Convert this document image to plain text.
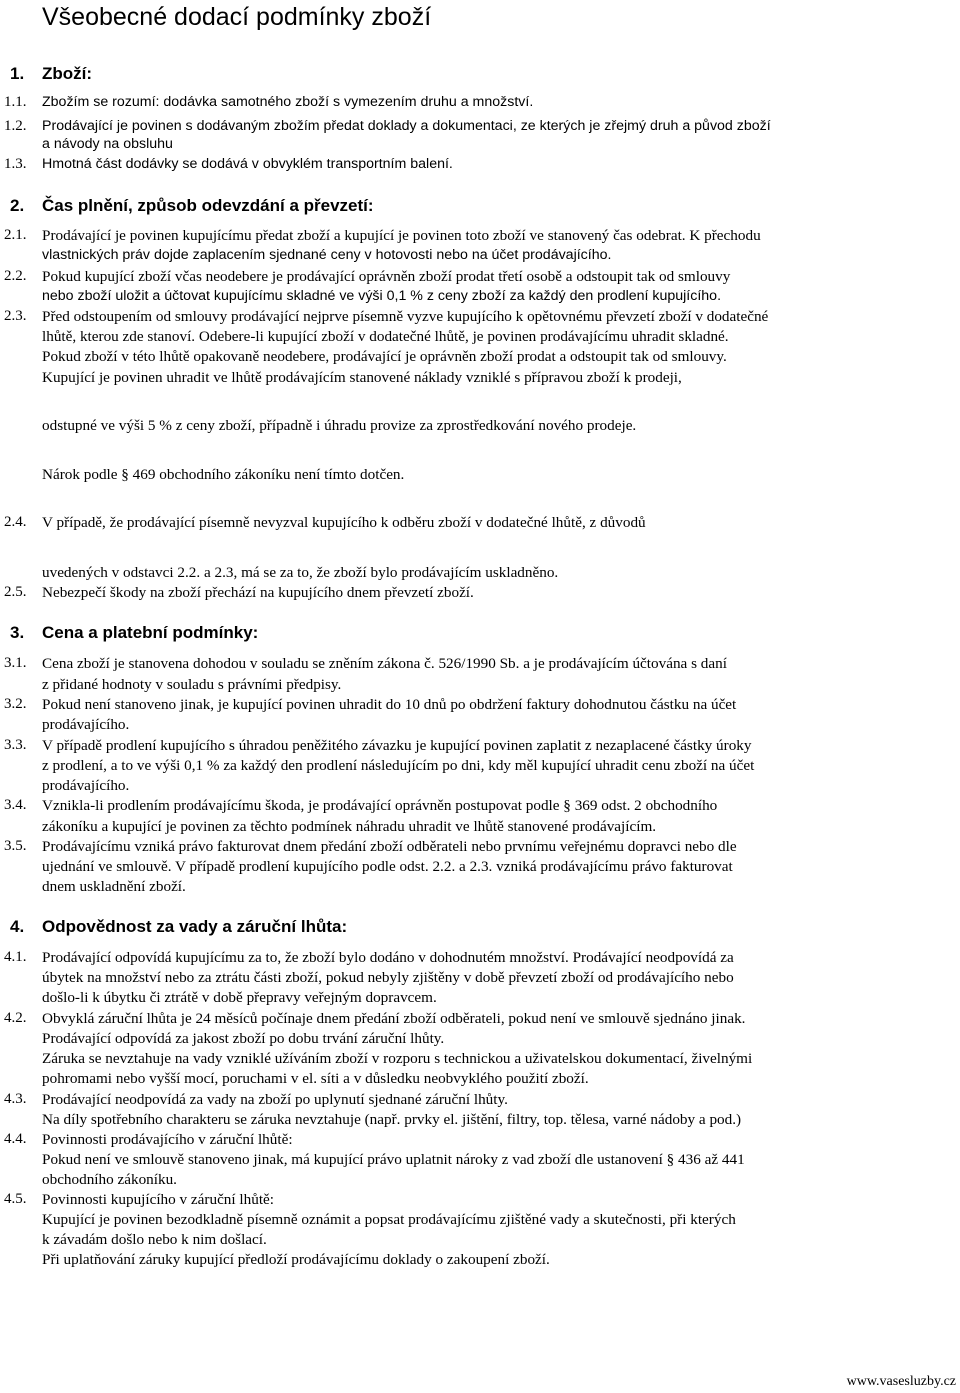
Všeobecné dodací podmínky zboží
1. Zboží:
1.1.	Zbožím se rozumí: dodávka samotného zboží s vymezením druhu a množství.
1.2.	Prodávající je povinen s dodávaným zbožím předat doklady a dokumentaci, ze kterých je zřejmý druh a původ zboží
a návody na obsluhu
1.3.	Hmotná část dodávky se dodává v obvyklém transportním balení.
2. Čas plnění, způsob odevzdání a převzetí:
2.1.	Prodávající je povinen kupujícímu předat zboží a kupující je povinen toto zboží ve stanovený čas odebrat. K přechodu
vlastnických práv dojde zaplacením sjednané ceny v hotovosti nebo na účet prodávajícího.
2.2.	Pokud kupující zboží včas neodebere je prodávající oprávněn zboží prodat třetí osobě a odstoupit tak od smlouvy
nebo zboží uložit a účtovat kupujícímu skladné ve výši 0,1 % z ceny zboží za každý den prodlení kupujícího.
2.3.	Před odstoupením od smlouvy prodávající nejprve písemně vyzve kupujícího k opětovnému převzetí zboží v dodatečné
lhůtě, kterou zde stanoví. Odebere-li kupující zboží v dodatečné lhůtě, je povinen prodávajícímu uhradit skladné.
Pokud zboží v této lhůtě opakovaně neodebere, prodávající je oprávněn zboží prodat a odstoupit tak od smlouvy.
Kupující je povinen uhradit ve lhůtě prodávajícím stanovené náklady vzniklé s přípravou zboží k prodeji,
odstupné ve výši 5 % z ceny zboží, případně i úhradu provize za zprostředkování nového prodeje.
Nárok podle § 469 obchodního zákoníku není tímto dotčen.
2.4.	V případě, že prodávající písemně nevyzval kupujícího k odběru zboží v dodatečné lhůtě, z důvodů
uvedených v odstavci 2.2. a 2.3, má se za to, že zboží bylo prodávajícím uskladněno.
2.5.	Nebezpečí škody na zboží přechází na kupujícího dnem převzetí zboží.
3. Cena a platební podmínky:
3.1.	Cena zboží je stanovena dohodou v souladu se zněním zákona č. 526/1990 Sb. a je prodávajícím účtována s daní
z přidané hodnoty v souladu s právními předpisy.
3.2.	Pokud není stanoveno jinak, je kupující povinen uhradit do 10 dnů po obdržení faktury dohodnutou částku na účet
prodávajícího.
3.3.	V případě prodlení kupujícího s úhradou peněžitého závazku je kupující povinen zaplatit z nezaplacené částky úroky
z prodlení, a to ve výši 0,1 % za každý den prodlení následujícím po dni, kdy měl kupující uhradit cenu zboží na účet
prodávajícího.
3.4.	Vznikla-li prodlením prodávajícímu škoda, je prodávající oprávněn postupovat podle § 369 odst. 2 obchodního
zákoníku a kupující je povinen za těchto podmínek náhradu uhradit ve lhůtě stanovené prodávajícím.
3.5.	Prodávajícímu vzniká právo fakturovat dnem předání zboží odběrateli nebo prvnímu veřejnému dopravci nebo dle
ujednání ve smlouvě. V případě prodlení kupujícího podle odst. 2.2. a 2.3. vzniká prodávajícímu právo fakturovat
dnem uskladnění zboží.
4. Odpovědnost za vady a záruční lhůta:
4.1.	Prodávající odpovídá kupujícímu za to, že zboží bylo dodáno v dohodnutém množství. Prodávající neodpovídá za
úbytek na množství nebo za ztrátu části zboží, pokud nebyly zjištěny v době převzetí zboží od prodávajícího nebo
došlo-li k úbytku či ztrátě v době přepravy veřejným dopravcem.
4.2.	Obvyklá záruční lhůta je 24 měsíců počínaje dnem předání zboží odběrateli, pokud není ve smlouvě sjednáno jinak.
Prodávající odpovídá za jakost zboží po dobu trvání záruční lhůty.
Záruka se nevztahuje na vady vzniklé užíváním zboží v rozporu s technickou a uživatelskou dokumentací, živelnými
pohromami nebo vyšší mocí, poruchami v el. síti a v důsledku neobvyklého použití zboží.
4.3.	Prodávající neodpovídá za vady na zboží po uplynutí sjednané záruční lhůty.
Na díly spotřebního charakteru se záruka nevztahuje (např. prvky el. jištění, filtry, top. tělesa, varné nádoby a pod.)
4.4.	Povinnosti prodávajícího v záruční lhůtě:
Pokud není ve smlouvě stanoveno jinak, má kupující právo uplatnit nároky z vad zboží dle ustanovení § 436 až 441
obchodního zákoníku.
4.5.	Povinnosti kupujícího v záruční lhůtě:
Kupující je povinen bezodkladně písemně oznámit a popsat prodávajícímu zjištěné vady a skutečnosti, při kterých
k závadám došlo nebo k nim došlací.
Při uplatňování záruky kupující předloží prodávajícímu doklady o zakoupení zboží.
www.vasesluzby.cz
